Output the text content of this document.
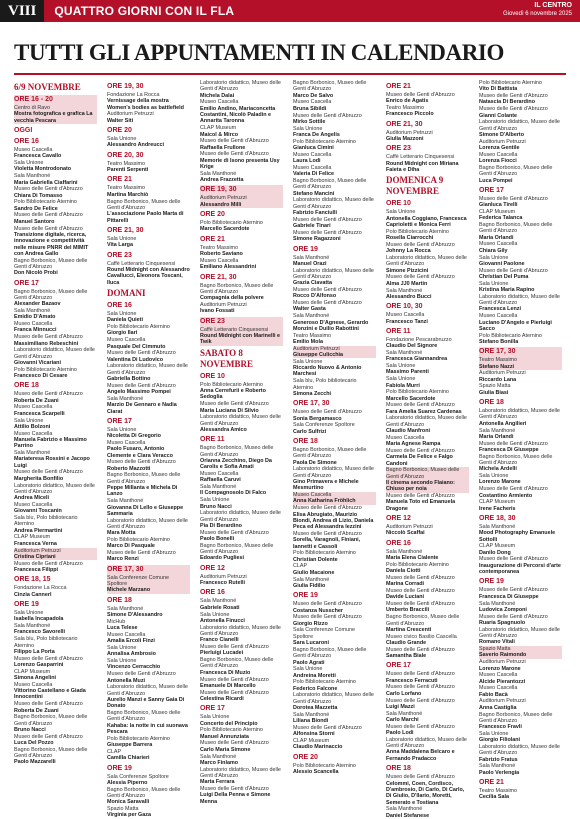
VIII	QUATTRO GIORNI CON IL FLA	IL CENTRO
Giovedì 6 novembre 2025
TUTTI GLI APPUNTAMENTI IN CALENDARIO
6/9 NOVEMBRE
ORE 16 - 20
Centro di Ravo
Mostra fotografica e grafica La vecchia Pescara
OGGI
ORE 16
Museo Cascella
Francesca Cavallo
Sala Unione
Violetta Montrodonato
Sala Manthoné
Maria Gabriella Ciaffarini
Museo delle Genti d'Abruzzo
Chiara Di Tomasso
Polo Bibliotecario Aternino
Sandro De Felice
Museo delle Genti d'Abruzzo
Manuel Santoro
Museo delle Genti d'Abruzzo
Transizione digitale, ricerca, innovazione e competitività nelle misure PNRR del MIMIT con Andrea Gallo
Bagno Borbonico, Museo delle Genti d'Abruzzo
Don Nicolò Probi
ORE 17
Bagno Borbonico, Museo delle Genti d'Abruzzo
Alexander Bazaov
Sala Manthoné
Emidio D'Amato
Museo Cascella
Franca Minnucci
Museo delle Genti d'Abruzzo
Massimiliano Rebeschini
Laboratorio didattico, Museo delle Genti d'Abruzzo
Giovanni Vicariani
Polo Bibliotecario Aternino
Francesco Di Cesare
ORE 18
Museo delle Genti d'Abruzzo
Roberta De Zuani
Museo Cascella
Francesca Scarpelli
Sala Unione
Attilio Bolzoni
Museo Cascella
Manuela Fabrizio e Massimo Parrino
Sala Manthoné
Mariateresa Rossini e Jacopo Luigi
Museo delle Genti d'Abruzzo
Margherita Bonfilio
Laboratorio didattico, Museo delle Genti d'Abruzzo
Andrea Miceli
Museo Cascella
Giovanni Toscanin
Sala blu, Polo bibliotecario Aternino
Andrea Piermartini
CLAP Museum
Francesca Verna
Auditorium Petruzzi
Cristina Cipriani
Museo delle Genti d'Abruzzo
Francesca Filippi
ORE 18, 15
Fondazione La Rocca
Cinzia Cannerl
ORE 19
Sala Unione
Isabella Incapadola
Sala Manthoné
Francesco Savorelli
Sala blu, Polo bibliotecario Aternino
Filippo La Porta
Museo delle Genti d'Abruzzo
Lorenzo Gasparrini
CLAP Museum
Simona Angelini
Museo Cascella
Vittorino Castellano e Giada Innocentini
Museo delle Genti d'Abruzzo
Roberta De Zuani
Bagno Borbonico, Museo delle Genti d'Abruzzo
Bruno Nacci
Museo delle Genti d'Abruzzo
Luca Del Pozzo
Bagno Borbonico, Museo delle Genti d'Abruzzo
Paolo Mazzarelli
ORE 19, 30
Fondazione La Rocca
Vernissage della mostra Women's bodies as battlefield
Auditorium Petruzzi
Walter Siti
ORE 20
Sala Unione
Alessandro Andreucci
ORE 20, 30
Teatro Massimo
Parenti Serpenti
ORE 21
Teatro Massimo
Martina Marchiò
Bagno Borbonico, Museo delle Genti d'Abruzzo
L'associazione Paolo Marta di Pittarelli
ORE 21, 30
Sala Unione
Vita Larga
ORE 23
Caffè Letterario Cinquesensi
Round Midnight con Alessandro Cavallucci, Eleonora Toscani, Iluca
DOMANI
ORE 16
Sala Unione
Daniela Quieti
Polo Bibliotecario Aternino
Giorgio Ilari
Museo Cascella
Pasquale Del Cimmuto
Museo delle Genti d'Abruzzo
Valentina Di Ludovico
Laboratorio didattico, Museo delle Genti d'Abruzzo
Gabriella Bottino
Museo delle Genti d'Abruzzo
Angelo Massimo Pompei
Sala Manthoné
Marzio De Gennaro e Nadia Ciarat
ORE 17
Sala Unione
Nicoletta Di Gregorio
Museo Cascella
Paolo Fusaro, Antonio Clemente e Clara Veracco
Museo delle Genti d'Abruzzo
Roberto Mazzotti
Bagno Borbonico, Museo delle Genti d'Abruzzo
Peppe Millanta e Michela Di Lanzo
Sala Manthoné
Giovanna Di Lello e Giuseppe Sammaria
Laboratorio didattico, Museo delle Genti d'Abruzzo
Mara Motta
Polo Bibliotecario Aternino
Marco Di Pasquale
Museo delle Genti d'Abruzzo
Marco Renzi
ORE 17, 30
Sala Conferenze Comune Spoltore
Michele Marzano
ORE 18
Sala Manthoné
Simone D'Alessandro
MicHub
Luca Telese
Museo Cascella
Amalia Ercoli Finzi
Sala Unione
Annalisa Ambrosio
Sala Unione
Vincenzo Cerracchio
Museo delle Genti d'Abruzzo
Antonella Muzi
Laboratorio didattico, Museo delle Genti d'Abruzzo
Aurelio Manzi e Sanny Gaia Di Donato
Bagno Borbonico, Museo delle Genti d'Abruzzo
Kahaba: la notte in cui suonava Pescara
Polo Bibliotecario Aternino
Giuseppe Barrera
CLAP
Camilla Chiarieri
ORE 19
Sala Conferenze Spoltore
Alessia Piperno
Bagno Borbonico, Museo delle Genti d'Abruzzo
Monica Saravalli
Spazio Matta
Virginia per Gaza
Laboratorio didattico, Museo delle Genti d'Abruzzo
Michela Dalai
Museo Cascella
Emilio Andino, Mariaconcetta Costantini, Nicolò Paladin e Annarita Taronna
CLAP Museum
Maicol & Mirco
Museo delle Genti d'Abruzzo
Raffaella Frullone
Museo delle Genti d'Abruzzo
Memorie di Isono presenta Usy Krige
Sala Manthoné
Andrea Frazzetta
ORE 19, 30
Auditorium Petruzzi
Alessandro Milli
ORE 20
Polo Bibliotecario Aternino
Marcello Sacerdote
ORE 21
Teatro Massimo
Roberto Saviano
Museo Cascella
Emiliano Alessandrini
ORE 21, 30
Bagno Borbonico, Museo delle Genti d'Abruzzo
Compagnia della polvere
Auditorium Petruzzi
Ivano Fossati
ORE 23
Caffè Letterario Cinquesensi
Round Midnight con Marinelli e Twik
SABATO 8 NOVEMBRE
ORE 10
Polo Bibliotecario Aternino
Anna Cerrefurii e Roberto Sedoglia
Museo delle Genti d'Abruzzo
Maria Luciana Di Silvio
Laboratorio didattico, Museo delle Genti d'Abruzzo
Alessandra Amico
ORE 11
Bagno Borbonico, Museo delle Genti d'Abruzzo
Orianna Zecchino, Diego Da Carolis e Sofia Amati
Museo Cascella
Raffaella Caruvi
Sala Manthoné
Il Compagnosolo Di Falco
Sala Unione
Bruno Nacci
Laboratorio didattico, Museo delle Genti d'Abruzzo
Pia Di Berardino
Museo delle Genti d'Abruzzo
Paolo Bonelli
Bagno Borbonico, Museo delle Genti d'Abruzzo
Edoardo Pugliesi
ORE 12
Auditorium Petruzzi
Francesco Rutelli
ORE 16
Sala Manthoné
Gabriele Rosati
Sala Unione
Antonella Finucci
Laboratorio didattico, Museo delle Genti d'Abruzzo
Franco Cianelli
Museo delle Genti d'Abruzzo
Pierluigi Lucadei
Bagno Borbonico, Museo delle Genti d'Abruzzo
Francesca Di Muzio
Museo delle Genti d'Abruzzo
Emanuele Di Marcello
Museo delle Genti d'Abruzzo
Celestina Ricardi
ORE 17
Sala Unione
Concerto del Principio
Polo Bibliotecario Aternino
Manuel Annunziata
Museo delle Genti d'Abruzzo
Carlo Maria Simone
Sala Manthoné
Marco Finlamo
Laboratorio didattico, Museo delle Genti d'Abruzzo
Marta Ferrara
Museo delle Genti d'Abruzzo
Luigi Della Penna e Simone Menna
Bagno Borbonico, Museo delle Genti d'Abruzzo
Marco De Salvo
Museo Cascella
Bruna Sibildi
Museo delle Genti d'Abruzzo
Mirko Sottile
Sala Unione
Franca De Angelis
Polo Bibliotecario Aternino
Gianluca Cimini
Museo Cascella
Laura Lodi
Museo Cascella
Valeria Di Felice
Bagno Borbonico, Museo delle Genti d'Abruzzo
Stefano Mancini
Laboratorio didattico, Museo delle Genti d'Abruzzo
Fabrizio Fanciulli
Museo delle Genti d'Abruzzo
Gabriele Tinari
Museo delle Genti d'Abruzzo
Simone Ragazzoni
ORE 19
Sala Manthoné
Manuel Orazi
Laboratorio didattico, Museo delle Genti d'Abruzzo
Grazia Ciavatta
Museo delle Genti d'Abruzzo
Rocco D'Alfonso
Museo delle Genti d'Abruzzo
Walter Gasta
Sala Manthoné
Generoso D'Agnese, Gerardo Monzini e Duilio Rabottini
Teatro Massimo
Emilio Mola
Auditorium Petruzzi
Giuseppe Culicchia
Sala Unione
Riccardo Nuovo & Antonio Marchesi
Sala blu, Polo bibliotecario Aternino
Simona Zecchi
ORE 17, 30
Museo delle Genti d'Abruzzo
Sonia Bergamasco
Sala Conferenze Spoltore
Carlo Sulfrizi
ORE 18
Bagno Borbonico, Museo delle Genti d'Abruzzo
Paola De Simone
Laboratorio didattico, Museo delle Genti d'Abruzzo
Gino Primavera e Michele Mesmurtino
Museo Cascella
Anna Katharina Fröhlich
Museo delle Genti d'Abruzzo
Elisa Abrugiato, Maurizio Biondi, Andrea di Lizio, Daniela Peca ed Alessandra Iezzini
Museo delle Genti d'Abruzzo
Sorella, Varagnoli, Finiani, Iannetti e Cassoli
Polo Bibliotecario Aternino
Christian Dolente
CLAP
Giulio Macaione
Sala Manthoné
Giulia Fidilio
ORE 19
Museo delle Genti d'Abruzzo
Costanza Nusscher
Museo delle Genti d'Abruzzo
Giorgio Rizzo
Sala Conferenze Comune Spoltore
Sara Lucaroni
Bagno Borbonico, Museo delle Genti d'Abruzzo
Paolo Agrati
Sala Unione
Andreina Moretti
Polo Bibliotecario Aternino
Federico Falcone
Laboratorio didattico, Museo delle Genti d'Abruzzo
Dorotea Mazzetta
Sala Manthoné
Liliana Biondi
Museo delle Genti d'Abruzzo
Alfonsina Storni
CLAP Museum
Claudio Marinaccio
ORE 20
Polo Bibliotecario Aternino
Alessio Scancella
ORE 21
Museo delle Genti d'Abruzzo
Enrico de Agatis
Teatro Massimo
Francesco Piccolo
ORE 21, 30
Auditorium Petruzzi
Giulia Mazzoni
ORE 23
Caffè Letterario Cinquesensi
Round Midnight con Miriana Faieta e Diha
DOMENICA 9 NOVEMBRE
ORE 10
Sala Unione
Antonella Coggiano, Francesca Caprioletti e Monica Ferri
Polo Bibliotecario Aternino
Rosella Ciarrocchi
Museo delle Genti d'Abruzzo
Johnny La Rocca
Laboratorio didattico, Museo delle Genti d'Abruzzo
Simone Pizzicini
Museo delle Genti d'Abruzzo
Alma JJ0 Martin
Sala Manthoné
Alessandro Bucci
ORE 10, 30
Museo Cascella
Francesco Tanzi
ORE 11
Fondazione Pescarabruzzo
Claudio Del Signore
Sala Manthoné
Francesca Giannandrea
Sala Unione
Massimo Parenti
Sala Unione
Fabiola Murri
Polo Bibliotecario Aternino
Marcello Sacerdote
Museo delle Genti d'Abruzzo
Fara Amelia Suarez Cardenas
Laboratorio didattico, Museo delle Genti d'Abruzzo
Claudio Manfroni
Museo Cascella
Maria Agnese Rampa
Museo delle Genti d'Abruzzo
Carmela De Felice e Falgo Candoni
Bagno Borbonico, Museo delle Genti d'Abruzzo
Il cinema secondo Flaiano: Chiuso per noia
Museo delle Genti d'Abruzzo
Manuela Toto ed Emanuela Dragone
ORE 12
Auditorium Petruzzi
Niccolò Scaffai
ORE 16
Sala Manthoné
Maria Elena Cialente
Polo Bibliotecario Aternino
Daniela Ciotti
Museo delle Genti d'Abruzzo
Marina Corradi
Museo delle Genti d'Abruzzo
Davide Luciani
Museo delle Genti d'Abruzzo
Umberto Braccili
Bagno Borbonico, Museo delle Genti d'Abruzzo
Martina Crescenti
Museo civico Basilio Cascella
Claudio Grande
Museo delle Genti d'Abruzzo
Samantha Biale
ORE 17
Museo delle Genti d'Abruzzo
Francesco Ferracuti
Museo delle Genti d'Abruzzo
Carlo Lorfano
Museo delle Genti d'Abruzzo
Luigi Mazzi
Sala Manthoné
Carlo Marchi
Museo delle Genti d'Abruzzo
Paolo Lodi
Laboratorio didattico, Museo delle Genti d'Abruzzo
Anna Maddalena Belcaro e Fernando Pradacco
ORE 18
Museo delle Genti d'Abruzzo
Celommi, Coen, Cordisco, D'ambrosio, Di Carlo, Di Carlo, Di Giulio, D'Ilario, Moretti, Semerato e Tostiana
Sala Manthoné
Daniel Stefanese
Polo Bibliotecario Aternino
Vito Di Battista
Museo delle Genti d'Abruzzo
Natascia Di Berardino
Museo delle Genti d'Abruzzo
Gianni Colante
Laboratorio didattico, Museo delle Genti d'Abruzzo
Simone D'Alberto
Auditorium Petruzzi
Lorenza Gentile
Museo Cascella
Lorenza Fiocci
Bagno Borbonico, Museo delle Genti d'Abruzzo
Luca Pompei
ORE 17
Museo delle Genti d'Abruzzo
Gianluca Tirelli
CLAP Museum
Federica Talanca
Bagno Borbonico, Museo delle Genti d'Abruzzo
Maria Orlandi
Museo Cascella
Chiara Gily
Sala Unione
Giovanni Paolone
Museo delle Genti d'Abruzzo
Christian Del Puma
Sala Unione
Kristina Maria Rapino
Laboratorio didattico, Museo delle Genti d'Abruzzo
Francesca Lenzi
Museo Cascella
Luciano D'Angelo e Pierluigi Sacco
Polo Bibliotecario Aternino
Stefano Bonilla
ORE 17, 30
Teatro Massimo
Stefano Nazzi
Auditorium Petruzzi
Riccardo Lana
Spazio Matta
Giulia Biasi
ORE 18
Laboratorio didattico, Museo delle Genti d'Abruzzo
Antonella Angilieri
Sala Manthoné
Maria Orlandi
Museo delle Genti d'Abruzzo
Francesca Di Giuseppe
Bagno Borbonico, Museo delle Genti d'Abruzzo
Michela Ardelli
Sala Unione
Lorenzo Marone
Museo delle Genti d'Abruzzo
Costantino Armiento
CLAP Museum
Irene Facheris
ORE 18, 30
Sala Manthoné
Mood Photography Emanuele Sottolli
CLAP Museum
Danilo Dong
Museo delle Genti d'Abruzzo
Inaugurazione di Percorsi d'arte contemporanea
ORE 19
Museo delle Genti d'Abruzzo
Francesca Di Giuseppe
Sala Manthoné
Ludovica Zomponi
Museo delle Genti d'Abruzzo
Ruaria Spagnuolo
Laboratorio didattico, Museo delle Genti d'Abruzzo
Romano Vitali
Spazio Matta
Saverio Raimondo
Auditorium Petruzzi
Lorenzo Marone
Museo Cascella
Alcide Pierantozzi
Museo Cascella
Fabio Bacà
Auditorium Petruzzi
Anna Castiglia
Bagno Borbonico, Museo delle Genti d'Abruzzo
Francesco Fravli
Sala Unione
Giorgio Filiolani
Laboratorio didattico, Museo delle Genti d'Abruzzo
Fabrizio Fratus
Sala Manthoné
Paolo Verlengia
ORE 21
Teatro Massimo
Cecilia Sala
